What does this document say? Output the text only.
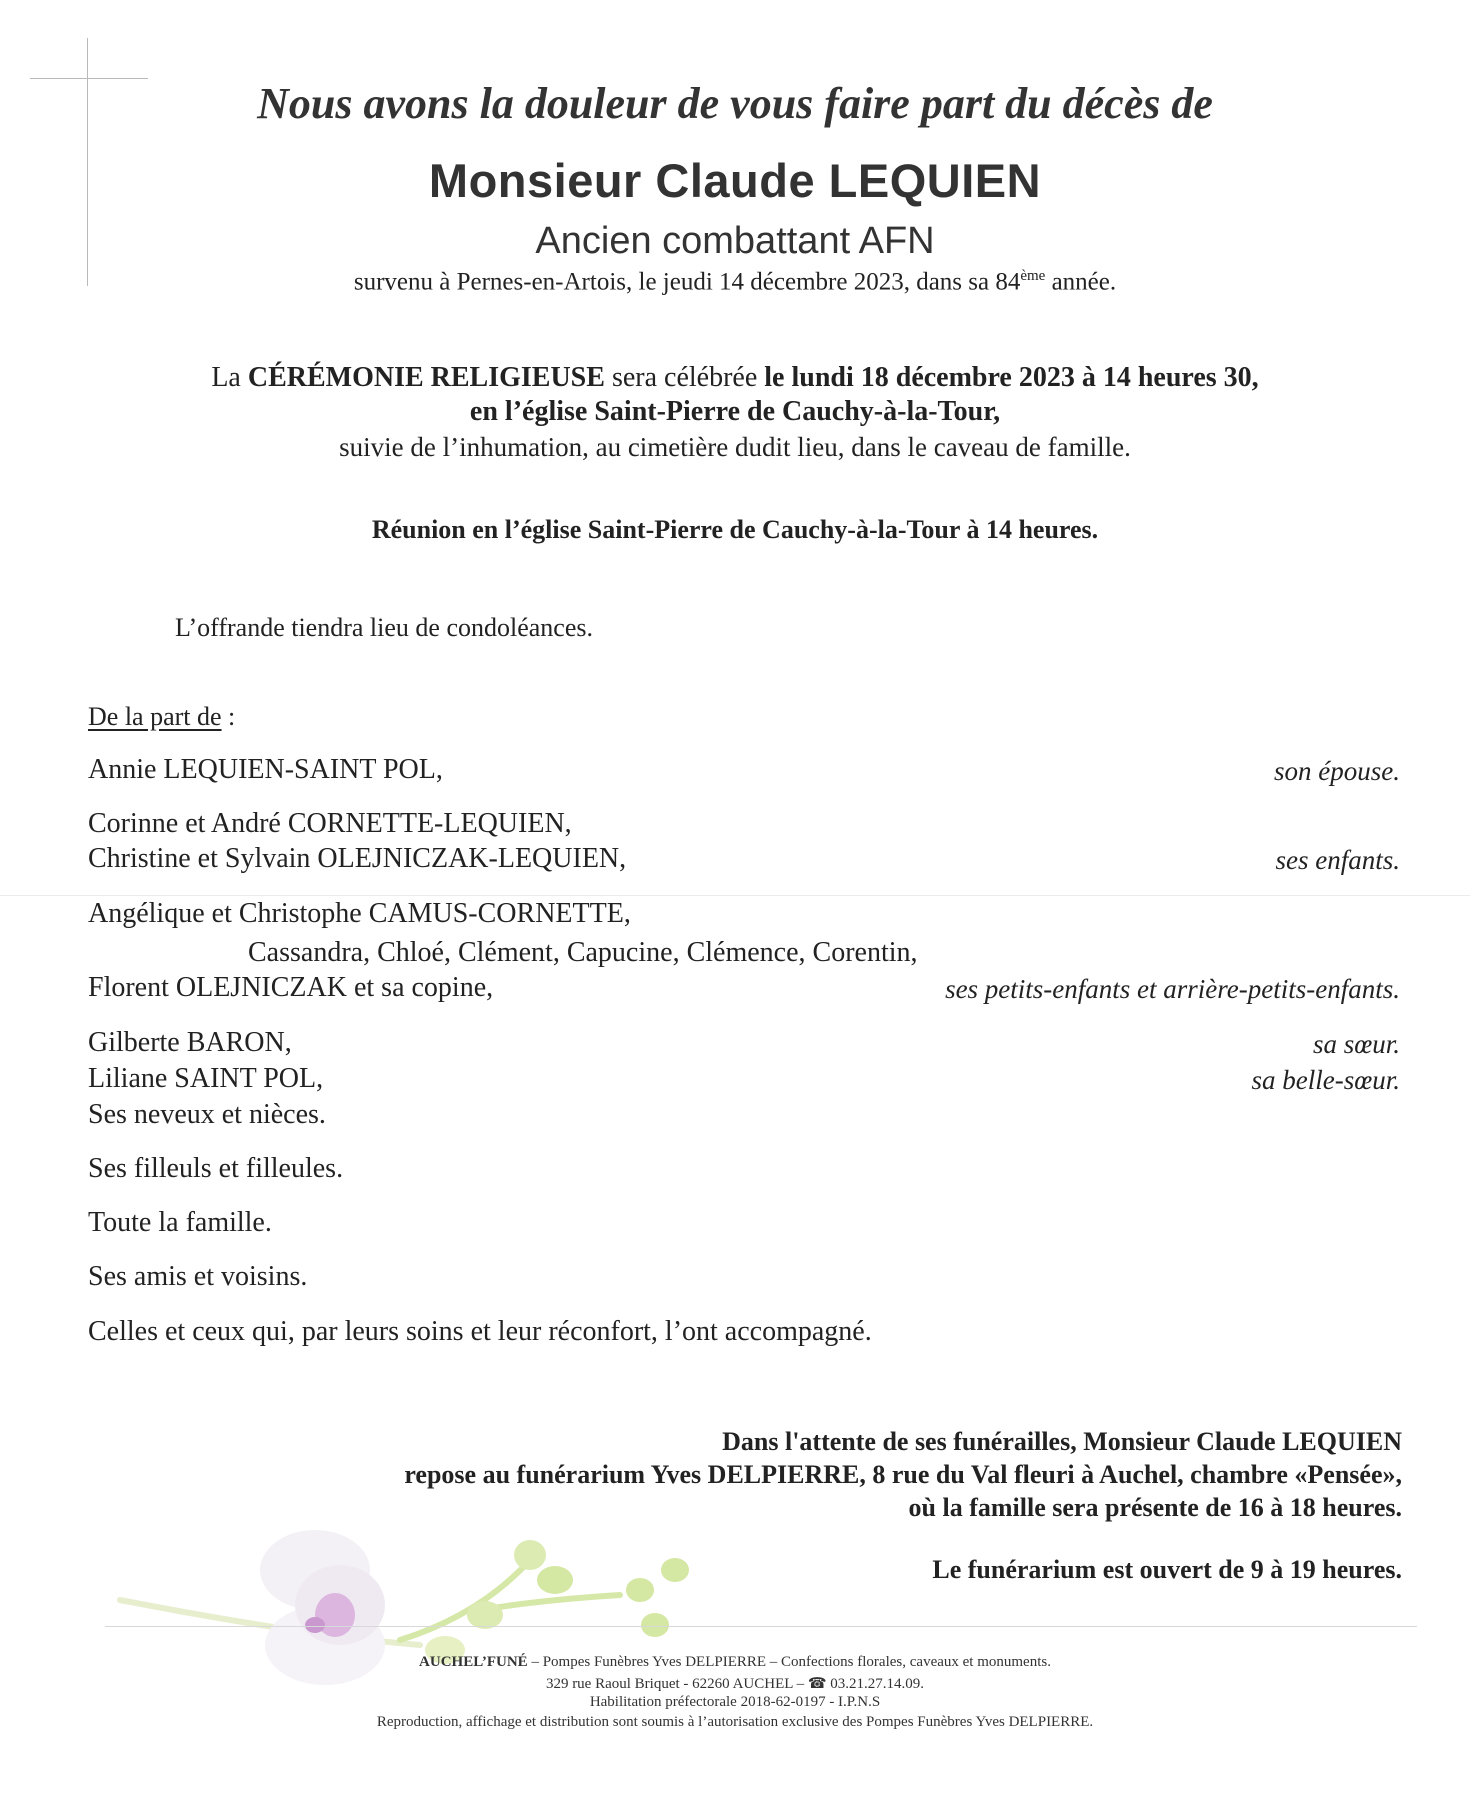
Nous avons la douleur de vous faire part du décès de
Monsieur Claude LEQUIEN
Ancien combattant AFN
survenu à Pernes-en-Artois, le jeudi 14 décembre 2023, dans sa 84ème année.
La CÉRÉMONIE RELIGIEUSE sera célébrée le lundi 18 décembre 2023 à 14 heures 30,
en l’église Saint-Pierre de Cauchy-à-la-Tour,
suivie de l’inhumation, au cimetière dudit lieu, dans le caveau de famille.
Réunion en l’église Saint-Pierre de Cauchy-à-la-Tour à 14 heures.
L’offrande tiendra lieu de condoléances.
De la part de :
Annie LEQUIEN-SAINT POL,	son épouse.
Corinne et André CORNETTE-LEQUIEN,
Christine et Sylvain OLEJNICZAK-LEQUIEN,	ses enfants.
Angélique et Christophe CAMUS-CORNETTE,
Cassandra, Chloé, Clément, Capucine, Clémence, Corentin,
Florent OLEJNICZAK et sa copine,	ses petits-enfants et arrière-petits-enfants.
Gilberte BARON,	sa sœur.
Liliane SAINT POL,	sa belle-sœur.
Ses neveux et nièces.
Ses filleuls et filleules.
Toute la famille.
Ses amis et voisins.
Celles et ceux qui, par leurs soins et leur réconfort, l’ont accompagné.
Dans l'attente de ses funérailles, Monsieur Claude LEQUIEN
repose au funérarium Yves DELPIERRE, 8 rue du Val fleuri à Auchel, chambre «Pensée»,
où la famille sera présente de 16 à 18 heures.
Le funérarium est ouvert de 9 à 19 heures.
AUCHEL’FUNÉ – Pompes Funèbres Yves DELPIERRE – Confections florales, caveaux et monuments.
329 rue Raoul Briquet - 62260 AUCHEL – ☎ 03.21.27.14.09.
Habilitation préfectorale 2018-62-0197 - I.P.N.S
Reproduction, affichage et distribution sont soumis à l’autorisation exclusive des Pompes Funèbres Yves DELPIERRE.
